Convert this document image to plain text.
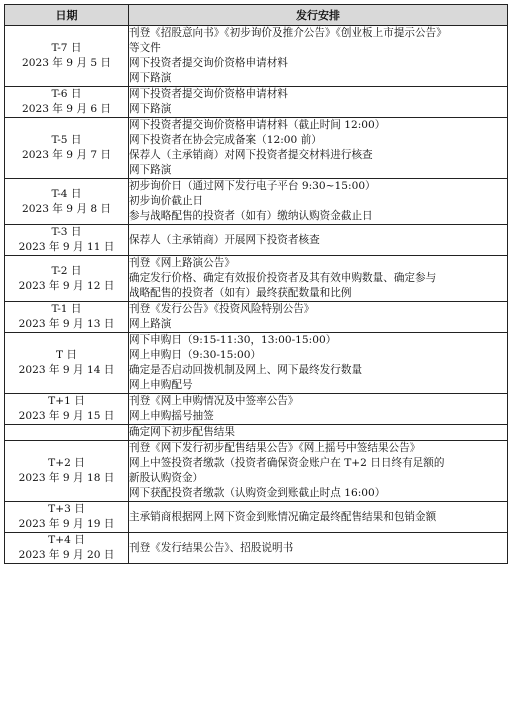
日期	发行安排

T-7 日
2023 年 9 月 5 日	刊登《招股意向书》《初步询价及推介公告》《创业板上市提示公告》
等文件
网下投资者提交询价资格申请材料
网下路演

T-6 日
2023 年 9 月 6 日	网下投资者提交询价资格申请材料
网下路演

T-5 日
2023 年 9 月 7 日	网下投资者提交询价资格申请材料（截止时间 12:00）
网下投资者在协会完成备案（12:00 前）
保荐人（主承销商）对网下投资者提交材料进行核查
网下路演

T-4 日
2023 年 9 月 8 日	初步询价日（通过网下发行电子平台 9:30~15:00）
初步询价截止日
参与战略配售的投资者（如有）缴纳认购资金截止日

T-3 日
2023 年 9 月 11 日	保荐人（主承销商）开展网下投资者核查

T-2 日
2023 年 9 月 12 日	刊登《网上路演公告》
确定发行价格、确定有效报价投资者及其有效申购数量、确定参与
战略配售的投资者（如有）最终获配数量和比例

T-1 日
2023 年 9 月 13 日	刊登《发行公告》《投资风险特别公告》
网上路演

T 日
2023 年 9 月 14 日	网下申购日（9:15-11:30，13:00-15:00）
网上申购日（9:30-15:00）
确定是否启动回拨机制及网上、网下最终发行数量
网上申购配号

T+1 日
2023 年 9 月 15 日	刊登《网上申购情况及中签率公告》
网上申购摇号抽签

	确定网下初步配售结果

T+2 日
2023 年 9 月 18 日	刊登《网下发行初步配售结果公告》《网上摇号中签结果公告》
网上中签投资者缴款（投资者确保资金账户在 T+2 日日终有足额的
新股认购资金）
网下获配投资者缴款（认购资金到账截止时点 16:00）

T+3 日
2023 年 9 月 19 日	主承销商根据网上网下资金到账情况确定最终配售结果和包销金额

T+4 日
2023 年 9 月 20 日	刊登《发行结果公告》、招股说明书
